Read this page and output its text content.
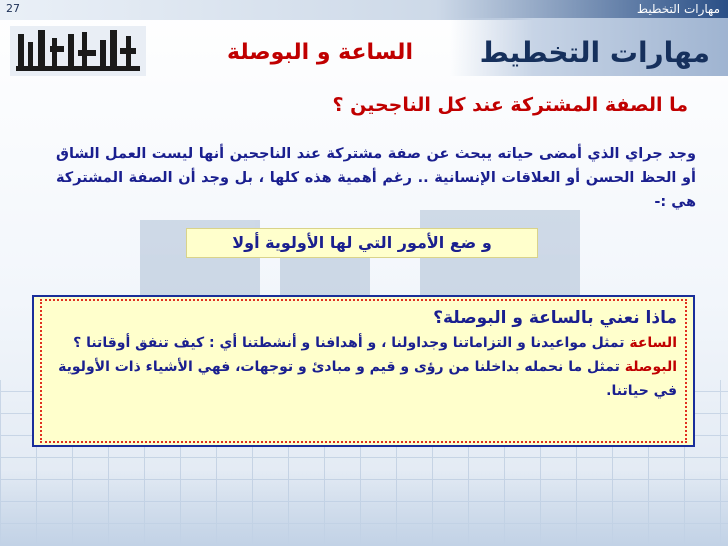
27	مهارات التخطيط
مهارات التخطيط
الساعة و البوصلة
ما الصفة المشتركة عند كل الناجحين ؟
وجد جراي الذي أمضى حياته يبحث عن صفة مشتركة عند الناجحين أنها ليست العمل الشاق أو الحظ الحسن أو العلاقات الإنسانية .. رغم أهمية هذه كلها ، بل وجد أن الصفة المشتركة هي :-
و ضع الأمور التي لها الأولوية أولا
ماذا نعني بالساعة و البوصلة؟
الساعة تمثل مواعيدنا و التزاماتنا وجداولنا ، و أهدافنا و أنشطتنا أي : كيف تنفق أوقاتنا ؟
البوصلة تمثل ما نحمله بداخلنا من رؤى و قيم و مبادئ و توجهات، فهي الأشياء ذات الأولوية في حياتنا.
